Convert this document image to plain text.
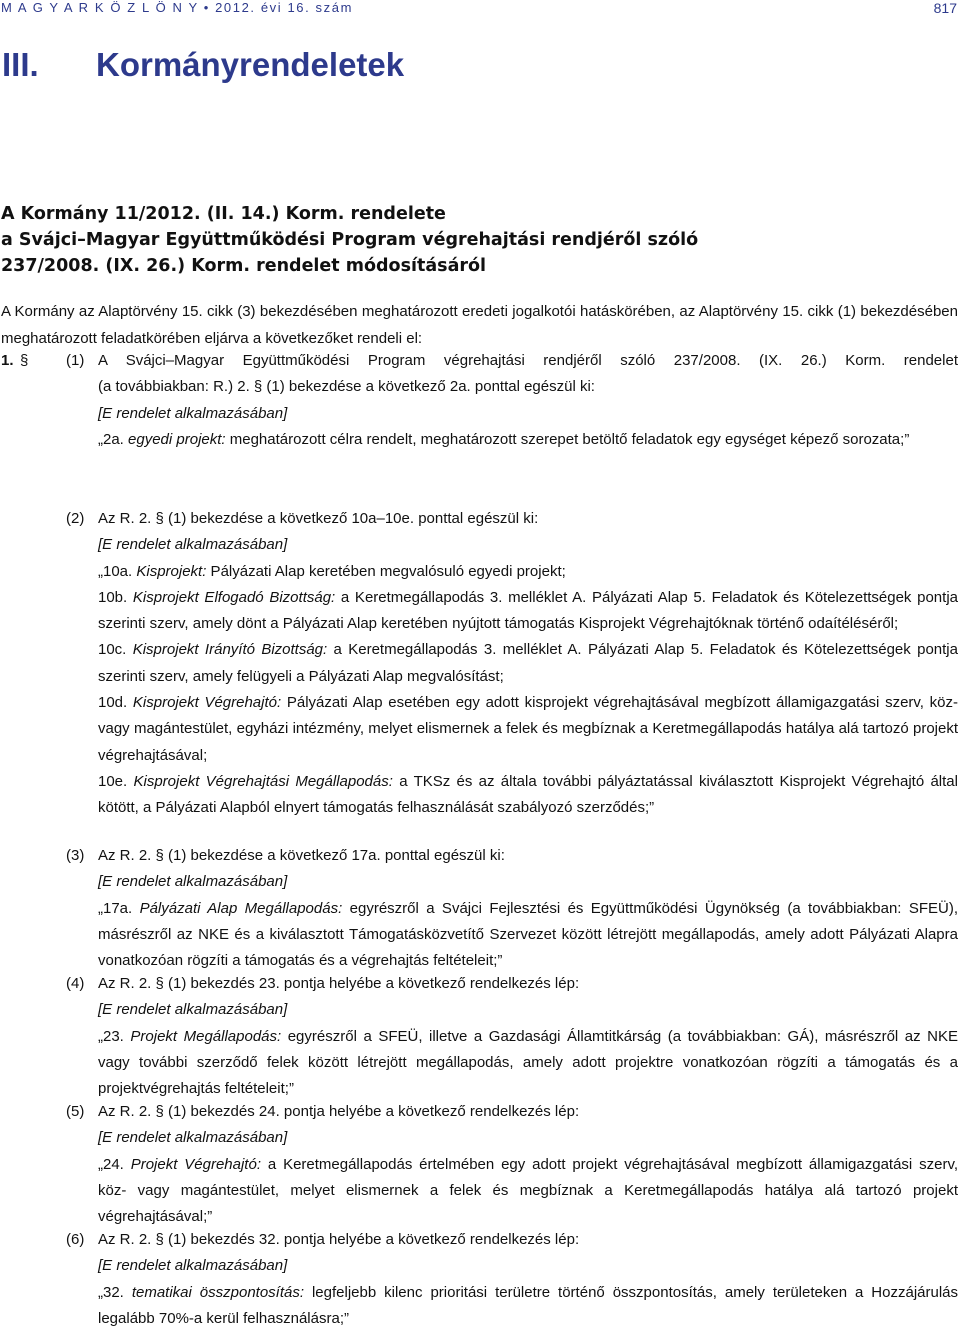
M A G Y A R K Ö Z L Ö N Y • 2012. évi 16. szám	817
III. Kormányrendeletek
A Kormány 11/2012. (II. 14.) Korm. rendelete
a Svájci–Magyar Együttműködési Program végrehajtási rendjéről szóló
237/2008. (IX. 26.) Korm. rendelet módosításáról

A Kormány az Alaptörvény 15. cikk (3) bekezdésében meghatározott eredeti jogalkotói hatáskörében, az Alaptörvény 15. cikk (1) bekezdésében meghatározott feladatkörében eljárva a következőket rendeli el:

1. §	(1) A Svájci–Magyar Együttműködési Program végrehajtási rendjéről szóló 237/2008. (IX. 26.) Korm. rendelet
(a továbbiakban: R.) 2. § (1) bekezdése a következő 2a. ponttal egészül ki:
[E rendelet alkalmazásában]

„2a. egyedi projekt: meghatározott célra rendelt, meghatározott szerepet betöltő feladatok egy egységet képező sorozata;”

(2) Az R. 2. § (1) bekezdése a következő 10a–10e. ponttal egészül ki:
[E rendelet alkalmazásában]

„10a. Kisprojekt: Pályázati Alap keretében megvalósuló egyedi projekt;

10b. Kisprojekt Elfogadó Bizottság: a Keretmegállapodás 3. melléklet A. Pályázati Alap 5. Feladatok és Kötelezettségek pontja szerinti szerv, amely dönt a Pályázati Alap keretében nyújtott támogatás Kisprojekt Végrehajtóknak történő odaítéléséről;

10c. Kisprojekt Irányító Bizottság: a Keretmegállapodás 3. melléklet A. Pályázati Alap 5. Feladatok és Kötelezettségek pontja szerinti szerv, amely felügyeli a Pályázati Alap megvalósítást;

10d. Kisprojekt Végrehajtó: Pályázati Alap esetében egy adott kisprojekt végrehajtásával megbízott államigazgatási szerv, köz- vagy magántestület, egyházi intézmény, melyet elismernek a felek és megbíznak a Keretmegállapodás hatálya alá tartozó projekt végrehajtásával;

10e. Kisprojekt Végrehajtási Megállapodás: a TKSz és az általa további pályáztatással kiválasztott Kisprojekt Végrehajtó által kötött, a Pályázati Alapból elnyert támogatás felhasználását szabályozó szerződés;”

(3) Az R. 2. § (1) bekezdése a következő 17a. ponttal egészül ki:
[E rendelet alkalmazásában]

„17a. Pályázati Alap Megállapodás: egyrészről a Svájci Fejlesztési és Együttműködési Ügynökség (a továbbiakban: SFEÜ), másrészről az NKE és a kiválasztott Támogatásközvetítő Szervezet között létrejött megállapodás, amely adott Pályázati Alapra vonatkozóan rögzíti a támogatás és a végrehajtás feltételeit;”

(4) Az R. 2. § (1) bekezdés 23. pontja helyébe a következő rendelkezés lép:
[E rendelet alkalmazásában]

„23. Projekt Megállapodás: egyrészről a SFEÜ, illetve a Gazdasági Államtitkárság (a továbbiakban: GÁ), másrészről az NKE vagy további szerződő felek között létrejött megállapodás, amely adott projektre vonatkozóan rögzíti a támogatás és a projektvégrehajtás feltételeit;”

(5) Az R. 2. § (1) bekezdés 24. pontja helyébe a következő rendelkezés lép:
[E rendelet alkalmazásában]

„24. Projekt Végrehajtó: a Keretmegállapodás értelmében egy adott projekt végrehajtásával megbízott államigazgatási szerv, köz- vagy magántestület, melyet elismernek a felek és megbíznak a Keretmegállapodás hatálya alá tartozó projekt végrehajtásával;”

(6) Az R. 2. § (1) bekezdés 32. pontja helyébe a következő rendelkezés lép:
[E rendelet alkalmazásában]

„32. tematikai összpontosítás: legfeljebb kilenc prioritási területre történő összpontosítás, amely területeken a Hozzájárulás legalább 70%-a kerül felhasználásra;”
